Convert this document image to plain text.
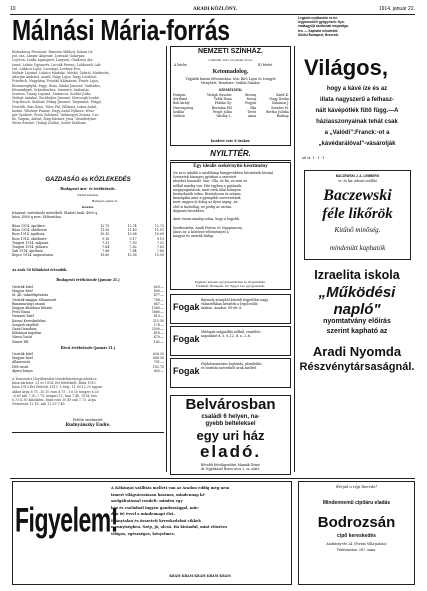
10	ARADI KÖZLÖNY.	1914. január 22.
Málnási Mária-forrás	Legjobb nyálkaoldó és bé-
légyomorbéli gyógyvizek. Nyo-
matásgyűjt oszlánnak megvaltga-
tes. — Kapható mindenütt.
Küldsi Budapest, Bezerédi.
Kisbudaroy Ferencné, Rimovar Mihlosi, Kohan Lú-
pót, tan. Lanyar Alajosné, Loriszait Galarpan
Lejöven, Lenke logmajerú, Lanyarú, Gárdonyi Ala-
josné, Lebán Ugyanvév, Lucsák Ferenc, Lobkovich Lak-
csó, Lukácsi Lajos, Lucsányi, Lovászy Éva,
Molnár Lajosné, Lukács Mariskó, Moskó, Gabrió, Markovits,
Adorján Andrásó, Anyilí, Nagy Lajos, Nagy Lászlónó,
Friedrich, Nagyházy, Potozkó Kálmánné, Pintér Lajos,
Rózsaszeghyhá, Papp, Ilona, Simkó Jánosné, Szabados,
Késmárkyné, Schreiberhez, Szemeré, Szalontai,
Szarvas, Tiszay Lajosné, Zmánoczi, Szohár Jolán,
Molnár Antalné, Eschbaher Jánosné, Herczegh-Lenkó,
Trip-Rusch, Szalóné, Pitkay Jánosné, Tarpeinné, Pirigyi,
Horváth, Kiss Ilona, Tulos Pál, Gillánny, Lakos Antal,
Kodán, Wüstner Fannie, Nagy Antal Dyikora, Wesz-
gár Gyuláné, Ötvös Zoltánné, Vadmegyei Zsuzsa, Csa-
kó, Tarpán, Adóné, Ring-Kázmér, Jéna, Vásárhelyiné.
Weisz Ernőné. (Tokaji Zsófia), Szabó Szidónia.
GAZDASÁG és KÖZLEKEDÉS
Budapesti áru- és értéktőzsde.
Zárlati tudósítás.
Budapest, január 21.
Készáru.
Irányzat: tartózkodó mérsékelt. Eladott árak: 4000 q
búza, 4000 q rozs. Változatlan.
Búza 1914. áprilisra	12.75	12.74	12.73
Búza 1914. októberre	11.50	11.49	11.51
Rozs 1914. áprilisra	10.10	10.08	10.09
Rozs 1914. októberre	9.18	9.17	9.19
Tengeri 1914. májusra	7.51	7.50	7.51
Tengeri 1914. júliusra	7.64	7.62	7.63
Zab 1914. áprilisra	7.86	7.84	7.85
Repce 1914. augusztusra	15.60	15.58	15.59
Az árak 50 kilónként értendők.
Budapesti értéktőzsde (január 21.)
Osztrák hitel	620.—
Magyar hitel	809.—
M. ált. takarékpénztár	477.—
Osztrák-magyar államvasút	706.—
Rimamurányi vasmű	667.—
Magyar általános kőszén	1560.—
Pesti Hazai	3060.—
Nemzeti hitel	410.—
Kassai Kereskedelmi	215.50
Szegedi vágóhíd	178.—
Ganz-Danubius	2590.—
Kőbányai ingatlan	418.—
Városi Vasút	470.—
Zinnet Pál	182.—
Bécsi értéktőzsde (január 21.)
Osztrák hitel	626.25
Magyar hitel	808.50
Államvasút	701.—
Déli vasút	102.75
Alpesi bánya	805.—
A Temesvári Lloydtársulat tőzsdebizottsága jelenti a
búza zárlatot: 23 és 1914. évi tételekről: Búza 1913.
búza 1913.Ért Dittrich 1913. 1 évig: 11.90-12.25 ugyan-
akkor árpa 8.75 –10.10 rozs 8.75 – 10.10 tengeri 6.55
–6.60 zab 7.30–7.75, tengeri 11. ban 7.48, 1914.-ben
6.75 K 50 kilónként, búza rozs 10.49 zab 7.73. Árpa
Nemesvár 12.16, zab 11.20-7.48.
Felelős szerkesztő:
Rudnyánszky Endre.
NEMZETI SZÍNHÁZ.
Csütörtök, 1914. évi január 22-én:
A bérlet	B) bérlet
Ketomadolog.
Vígjáték három felvonásban. Irta: Bíró Lajos és Lengyel
Menyhért. Rendezte: Sziklai Nándor.
SZEMÉLYEK:
Pompás	Virágh Gusztáv	Borsay	Sárdi K.
Serfőzné	Telek Ilona	Rosoy	Nagy Ilonka
Bob király	Fábián Gy.	Pogyár	Salamon J.
Harcsapirog	Bertalan Pál	Ilka	Szentes M.
Sziklai	Fenyő Jolán	Teréz	Bertha Juliska
Galéria	Várday L.	Anna	Rudnay
Kezdete este 8 órakor.
NYILTTÉR.
Egy idealis szekérnyitó-készítmény
Ne az is inkább a szedőlamp bárgyevőkben hűvösítsék hivatal
Szemetek bizonyos gyárban a szeretett
idejeket használó. Íme: Ulla, és Ra, ez nem ez
nélkül mindig van. Hát egyben a pajtásaik,
megnyugtatások, mert ezek által könnyen
beutazhatók volna. Hivatalosan és szépen
kiszolgálni mint a gyengébb szervezetnek,
mert nagyon jó dolog az ilyen anyag. Az
első is kizárólag, ne pedig az utcára,
dágasztó kezekben.

Amit vissza mindig száza, hogy a legjobb.

Szerkesztési: Aradi Ferenc és Nagymarosy
János úr, a kötelező véleménnyel a
magyar és osztrák hirlap.
Kapható minden gyógyszertárban és drogériában.
Főraktár: Budapest, Dr. Egger Leó gyógyszertár.
Fogak
Bármely aranyból készült fogpótlást nagy
választékban készítek a legolcsóbb
árakon. Aradon: Fő-tér 4.
Fogak
Műfogak szájpadlás nélkül, rendelés:
naponkint d. e. 8–12, d. u. 2–6.
Fogak
Fájdalommentes foghúzás, plombálás
és tisztítás mérsékelt árak mellett.
Belvárosban
családi 6 helyen, na-
gyebb belteleksel
egy uri ház
eladó.
Bővebb felvilágosítást Mamák Döme
dr. Egyházzal Boros-utca 2. sz. alatt.
Világos,
hogy a kávé íze és az
illata nagyszerű a felhasz-
nált kávépótlék fűtő függ.—A
háziasszonyainak tehát csak
a „Valódi":Franck:-ot a
„kávédarálóval"-vásárolják
ad ot: 1 - 1 - 1
BACZEWSKI J. A. LEMBERG
cs. és kir. udvari szállító
Baczewski
féle likőrök
Kitűnő minőség.
mindenütt kaphatók
Izraelita iskola
„Működési napló"
nyomtatvány előírás
szerint kapható az
Aradi Nyomda
Részvénytársaságnál.
Figyelem!
A Kőbányai szállítás mellett van az Aradon eddig még nem
ismert világvárosiasan hasznos, mindennap ki-
szolgáltatással rendelt: minden egy
ház és családnál ingyen gondossággal, min-
den 60 évvel a mindennapi élet.
Hiánytalan és összetett kereskedelmi cikkek
mennyiségben. Szép, jó, olcsó. Ha kirándul, mint előzetes
világos, egészséges, kényelmes.
KRAM KRAM KRAM KRAM KRAM
Kérjük a régi Szeredó!
Mindennemű cipőáru eladás
Bodrozsán
cipő kereskedés
Andrássy-tér 24. (Forrás Villa-palota)
Telefonszám: 287. szám.
